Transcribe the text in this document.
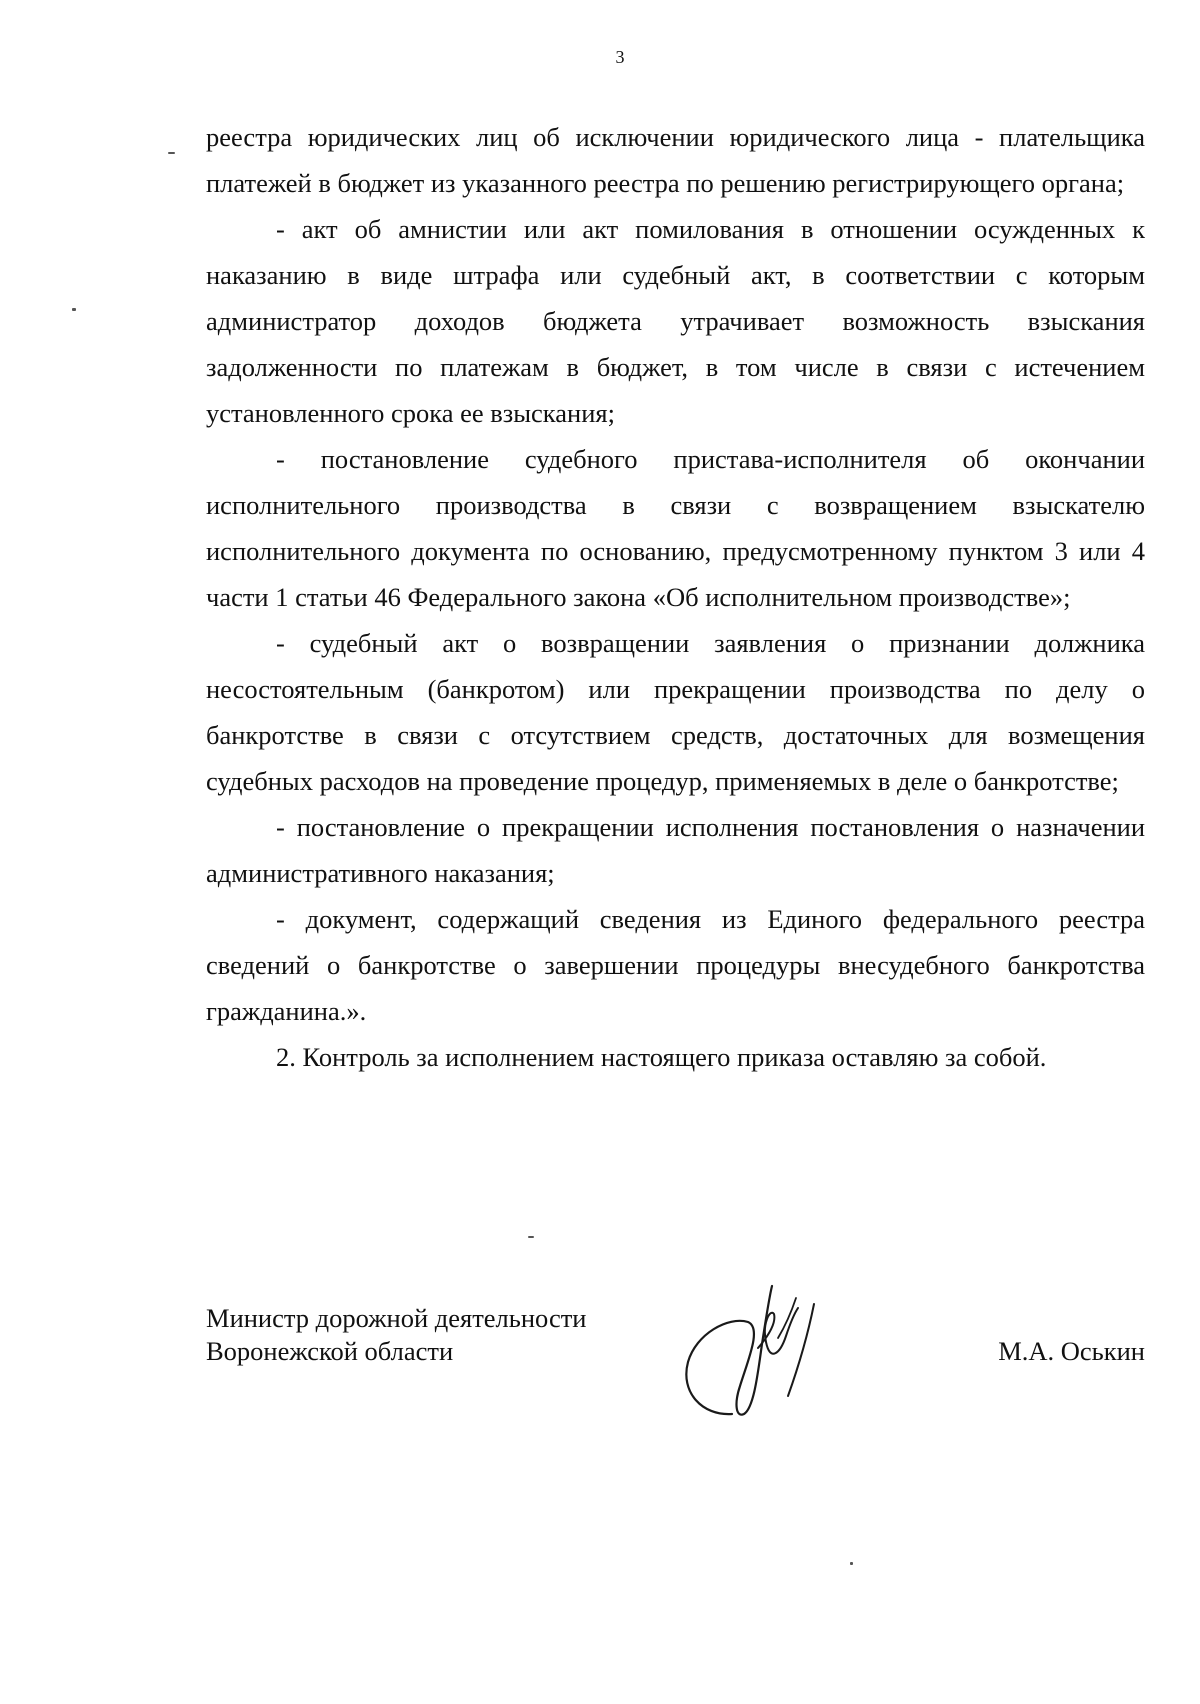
3

реестра юридических лиц об исключении юридического лица - плательщика платежей в бюджет из указанного реестра по решению регистрирующего органа;

- акт об амнистии или акт помилования в отношении осужденных к наказанию в виде штрафа или судебный акт, в соответствии с которым администратор доходов бюджета утрачивает возможность взыскания задолженности по платежам в бюджет, в том числе в связи с истечением установленного срока ее взыскания;

- постановление судебного пристава-исполнителя об окончании исполнительного производства в связи с возвращением взыскателю исполнительного документа по основанию, предусмотренному пунктом 3 или 4 части 1 статьи 46 Федерального закона «Об исполнительном производстве»;

- судебный акт о возвращении заявления о признании должника несостоятельным (банкротом) или прекращении производства по делу о банкротстве в связи с отсутствием средств, достаточных для возмещения судебных расходов на проведение процедур, применяемых в деле о банкротстве;

- постановление о прекращении исполнения постановления о назначении административного наказания;

- документ, содержащий сведения из Единого федерального реестра сведений о банкротстве о завершении процедуры внесудебного банкротства гражданина.».

2. Контроль за исполнением настоящего приказа оставляю за собой.

Министр дорожной деятельности
Воронежской области	М.А. Оськин
